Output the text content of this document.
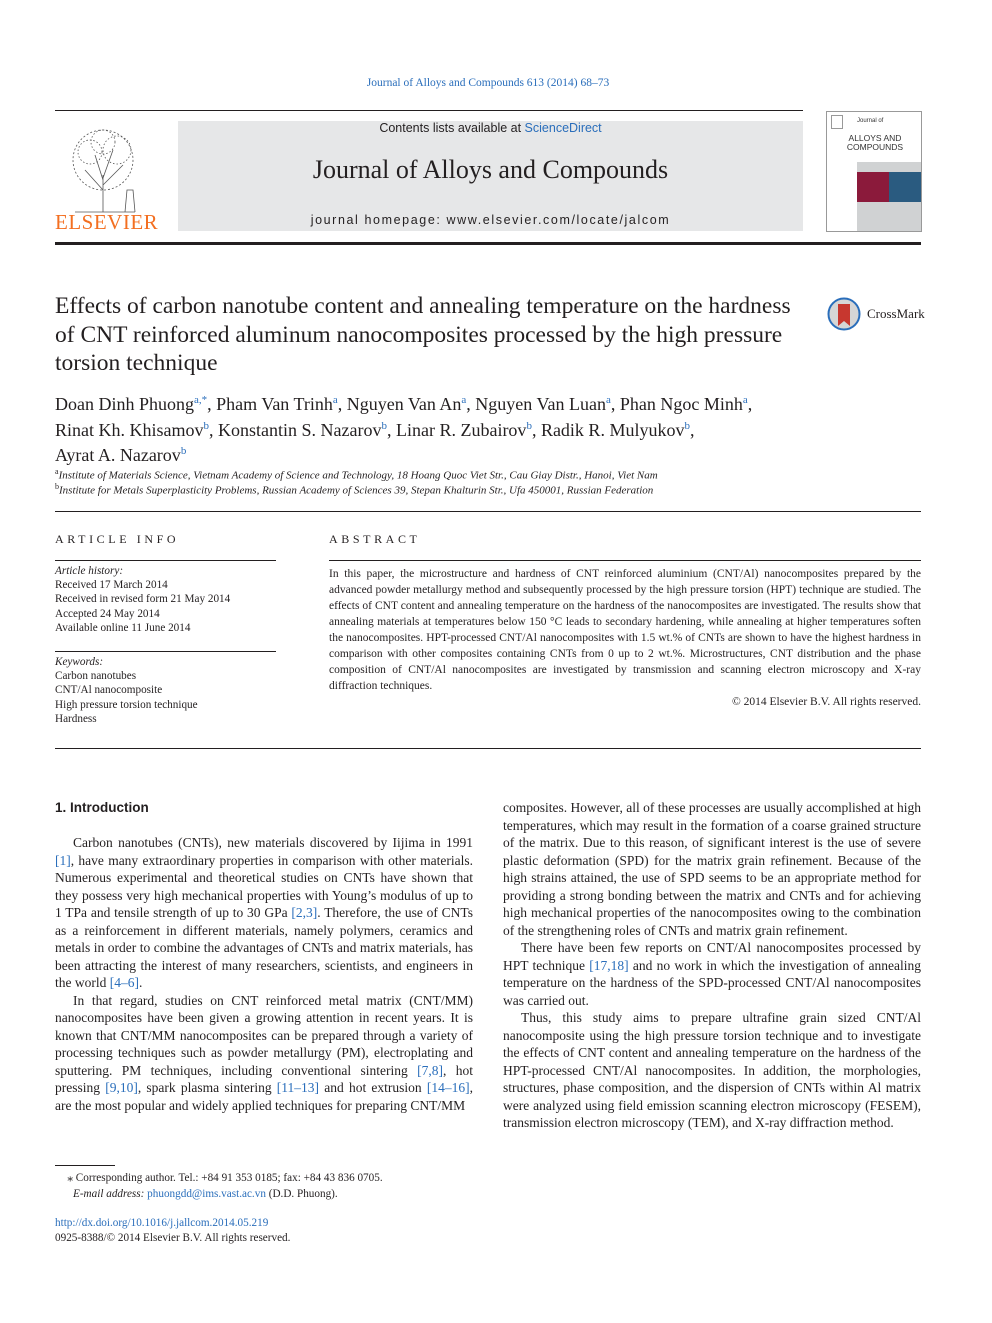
Journal of Alloys and Compounds 613 (2014) 68–73
ELSEVIER
Contents lists available at ScienceDirect
Journal of Alloys and Compounds
journal homepage: www.elsevier.com/locate/jalcom
Journal of
ALLOYS AND COMPOUNDS
Effects of carbon nanotube content and annealing temperature on the hardness of CNT reinforced aluminum nanocomposites processed by the high pressure torsion technique
CrossMark
Doan Dinh Phuong$^{a,*}$, Pham Van Trinh$^a$, Nguyen Van An$^a$, Nguyen Van Luan$^a$, Phan Ngoc Minh$^a$,
Rinat Kh. Khisamov$^b$, Konstantin S. Nazarov$^b$, Linar R. Zubairov$^b$, Radik R. Mulyukov$^b$,
Ayrat A. Nazarov$^b$
$^a$Institute of Materials Science, Vietnam Academy of Science and Technology, 18 Hoang Quoc Viet Str., Cau Giay Distr., Hanoi, Viet Nam
$^b$Institute for Metals Superplasticity Problems, Russian Academy of Sciences 39, Stepan Khalturin Str., Ufa 450001, Russian Federation
ARTICLE INFO
Article history:
Received 17 March 2014
Received in revised form 21 May 2014
Accepted 24 May 2014
Available online 11 June 2014
Keywords:
Carbon nanotubes
CNT/Al nanocomposite
High pressure torsion technique
Hardness
ABSTRACT
In this paper, the microstructure and hardness of CNT reinforced aluminium (CNT/Al) nanocomposites prepared by the advanced powder metallurgy method and subsequently processed by the high pressure torsion (HPT) technique are studied. The effects of CNT content and annealing temperature on the hardness of the nanocomposites are investigated. The results show that annealing materials at temperatures below 150 °C leads to secondary hardening, while annealing at higher temperatures soften the nanocomposites. HPT-processed CNT/Al nanocomposites with 1.5 wt.% of CNTs are shown to have the highest hardness in comparison with other composites containing CNTs from 0 up to 2 wt.%. Microstructures, CNT distribution and the phase composition of CNT/Al nanocomposites are investigated by transmission and scanning electron microscopy and X-ray diffraction techniques.
© 2014 Elsevier B.V. All rights reserved.
1. Introduction

Carbon nanotubes (CNTs), new materials discovered by Iijima in 1991 [1], have many extraordinary properties in comparison with other materials. Numerous experimental and theoretical studies on CNTs have shown that they possess very high mechanical properties with Young’s modulus of up to 1 TPa and tensile strength of up to 30 GPa [2,3]. Therefore, the use of CNTs as a reinforcement in different materials, namely polymers, ceramics and metals in order to combine the advantages of CNTs and matrix materials, has been attracting the interest of many researchers, scientists, and engineers in the world [4–6].

In that regard, studies on CNT reinforced metal matrix (CNT/MM) nanocomposites have been given a growing attention in recent years. It is known that CNT/MM nanocomposites can be prepared through a variety of processing techniques such as powder metallurgy (PM), electroplating and sputtering. PM techniques, including conventional sintering [7,8], hot pressing [9,10], spark plasma sintering [11–13] and hot extrusion [14–16], are the most popular and widely applied techniques for preparing CNT/MM

composites. However, all of these processes are usually accomplished at high temperatures, which may result in the formation of a coarse grained structure of the matrix. Due to this reason, of significant interest is the use of severe plastic deformation (SPD) for the matrix grain refinement. Because of the high strains attained, the use of SPD seems to be an appropriate method for providing a strong bonding between the matrix and CNTs and for achieving high mechanical properties of the nanocomposites owing to the combination of the strengthening roles of CNTs and matrix grain refinement.

There have been few reports on CNT/Al nanocomposites processed by HPT technique [17,18] and no work in which the investigation of annealing temperature on the hardness of the SPD-processed CNT/Al nanocomposites was carried out.

Thus, this study aims to prepare ultrafine grain sized CNT/Al nanocomposite using the high pressure torsion technique and to investigate the effects of CNT content and annealing temperature on the hardness of the HPT-processed CNT/Al nanocomposites. In addition, the morphologies, structures, phase composition, and the dispersion of CNTs within Al matrix were analyzed using field emission scanning electron microscopy (FESEM), transmission electron microscopy (TEM), and X-ray diffraction method.

⁎ Corresponding author. Tel.: +84 91 353 0185; fax: +84 43 836 0705.
E-mail address: phuongdd@ims.vast.ac.vn (D.D. Phuong).
http://dx.doi.org/10.1016/j.jallcom.2014.05.219
0925-8388/© 2014 Elsevier B.V. All rights reserved.
